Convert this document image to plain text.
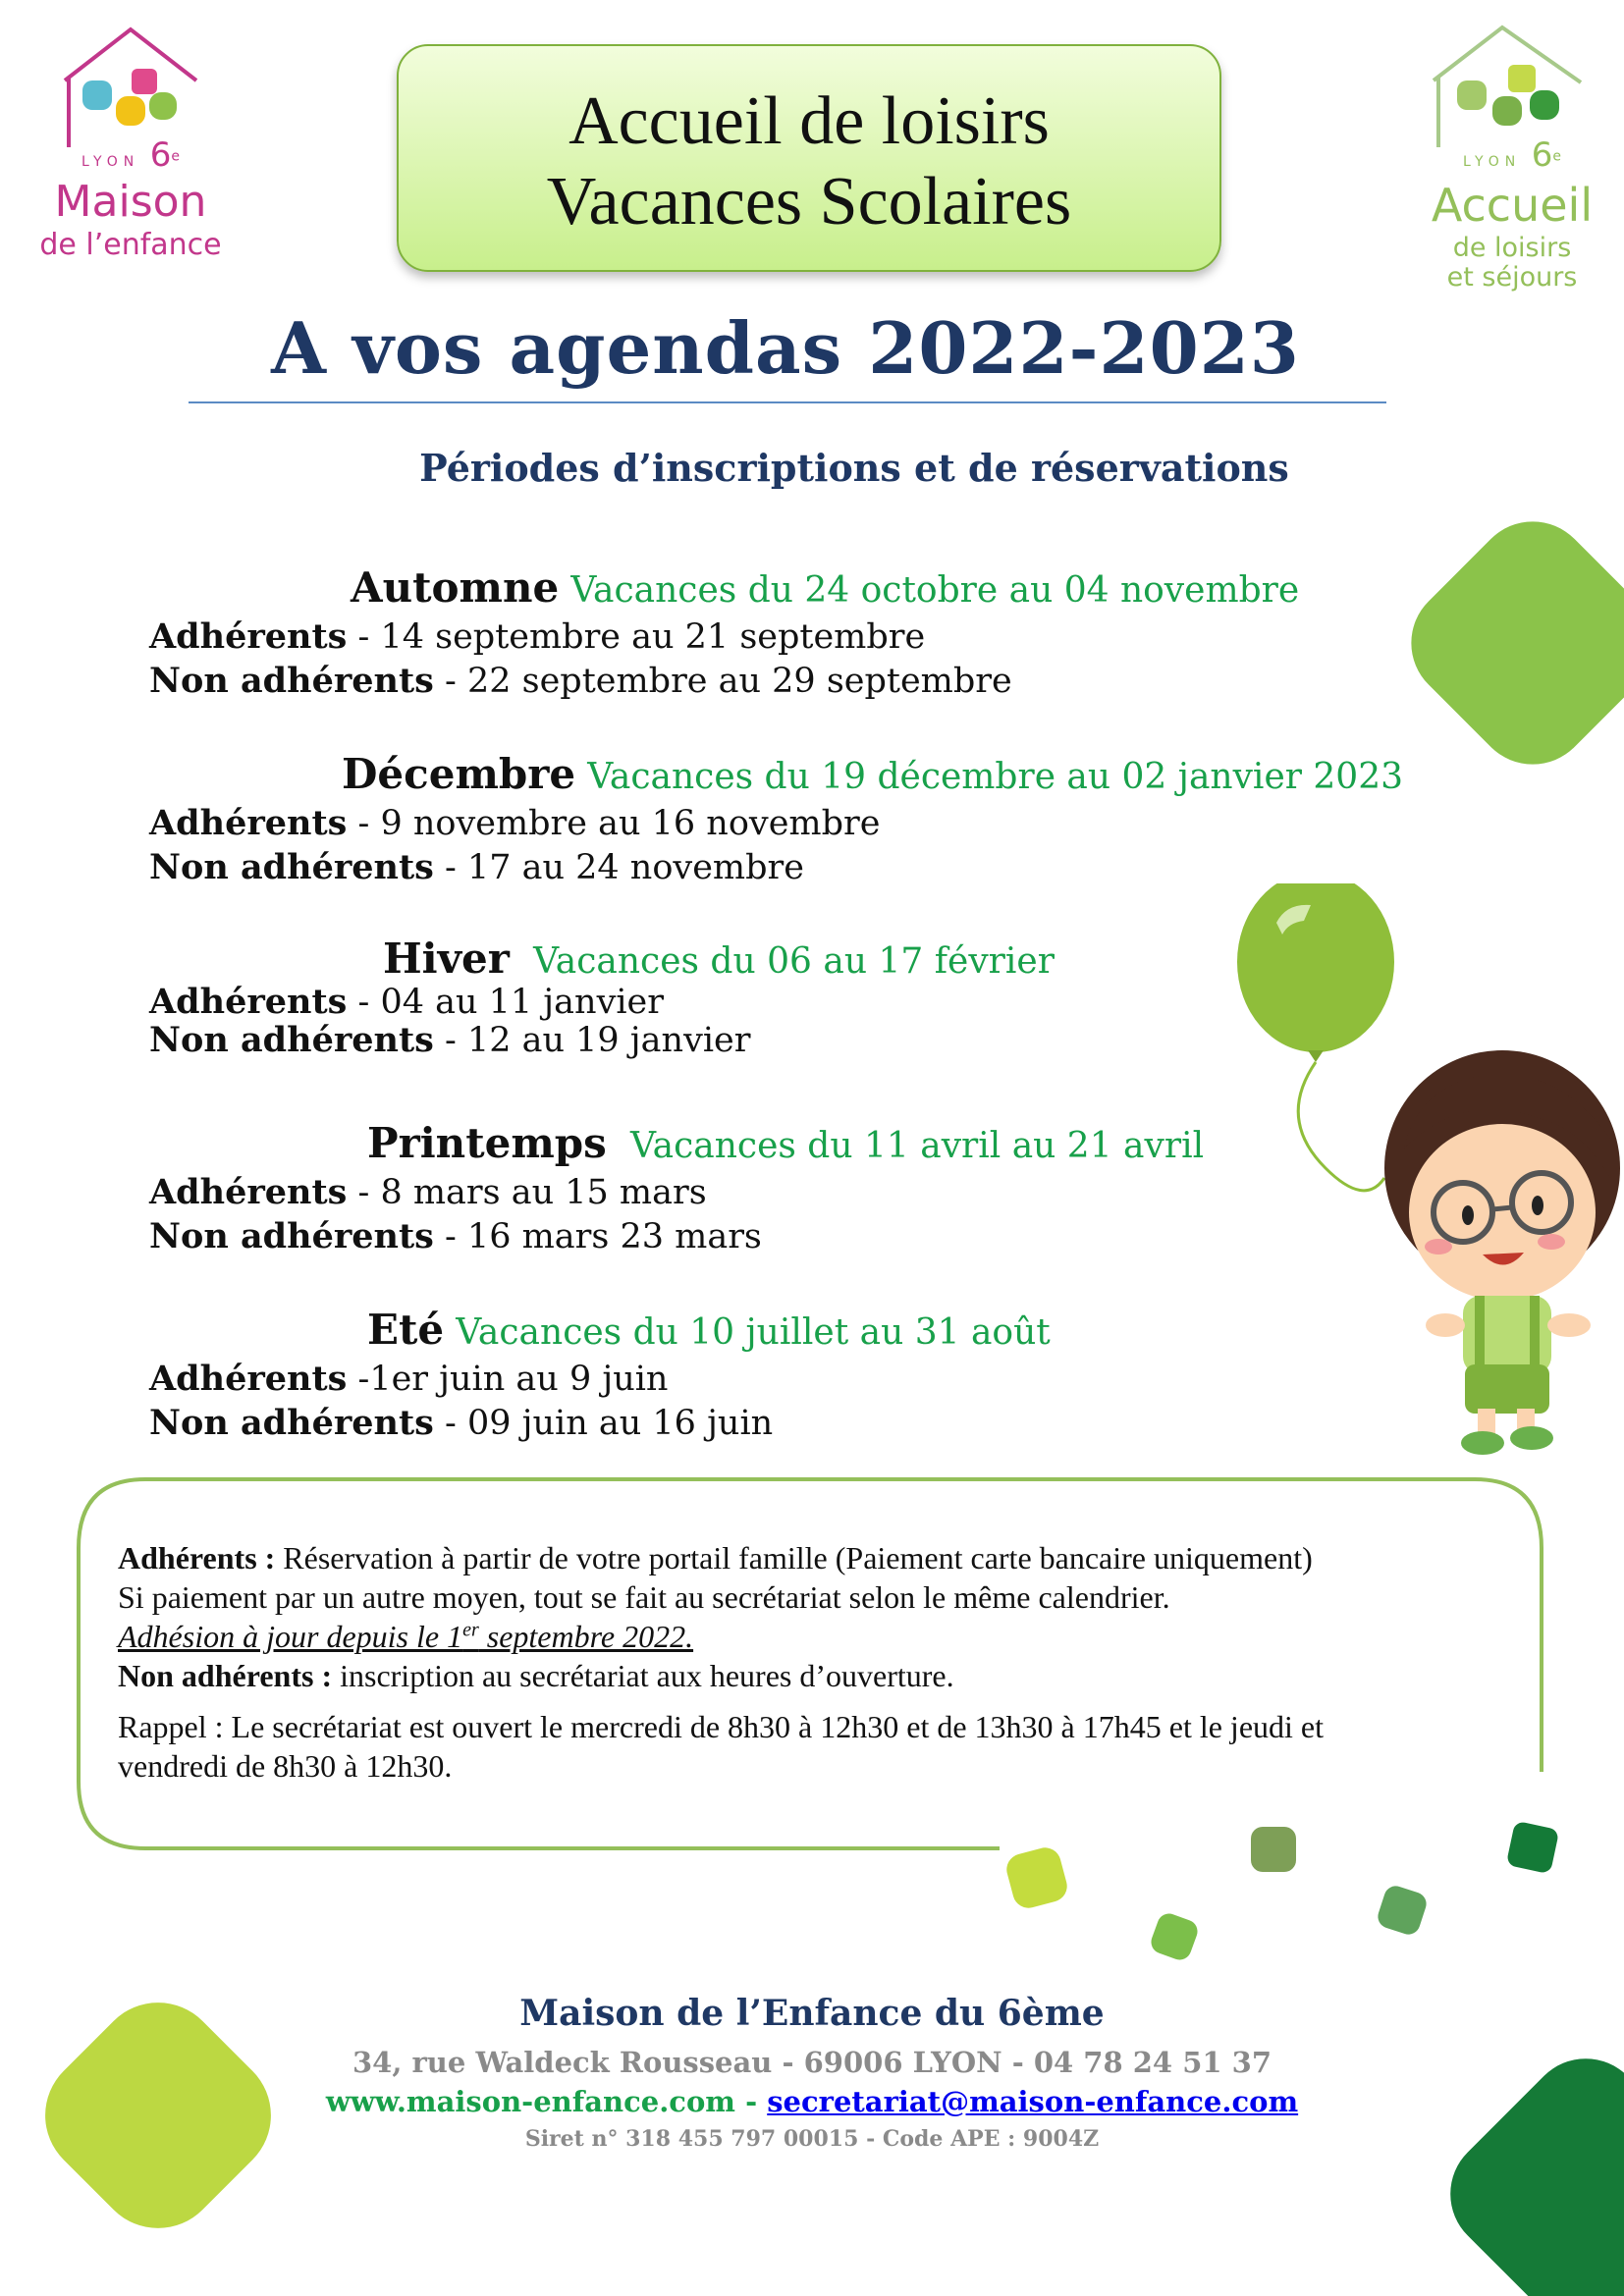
LYON 6e
Maison
de l’enfance
LYON 6e
Accueil
de loisirs
et séjours
Accueil de loisirs
Vacances Scolaires
A vos agendas 2022-2023
Périodes d’inscriptions et de réservations
Automne Vacances du 24 octobre au 04 novembre
Adhérents - 14 septembre au 21 septembre
Non adhérents - 22 septembre au 29 septembre
Décembre Vacances du 19 décembre au 02 janvier 2023
Adhérents - 9 novembre au 16 novembre
Non adhérents - 17 au 24 novembre
Hiver Vacances du 06 au 17 février
Adhérents - 04 au 11 janvier
Non adhérents - 12 au 19 janvier
Printemps Vacances du 11 avril au 21 avril
Adhérents - 8 mars au 15 mars
Non adhérents - 16 mars 23 mars
Eté Vacances du 10 juillet au 31 août
Adhérents -1er juin au 9 juin
Non adhérents - 09 juin au 16 juin
Adhérents : Réservation à partir de votre portail famille (Paiement carte bancaire uniquement)
Si paiement par un autre moyen, tout se fait au secrétariat selon le même calendrier.
Adhésion à jour depuis le 1er septembre 2022.
Non adhérents : inscription au secrétariat aux heures d’ouverture.
Rappel : Le secrétariat est ouvert le mercredi de 8h30 à 12h30 et de 13h30 à 17h45 et le jeudi et
vendredi de 8h30 à 12h30.
Maison de l’Enfance du 6ème
34, rue Waldeck Rousseau - 69006 LYON - 04 78 24 51 37
www.maison-enfance.com - secretariat@maison-enfance.com
Siret n° 318 455 797 00015 - Code APE : 9004Z
